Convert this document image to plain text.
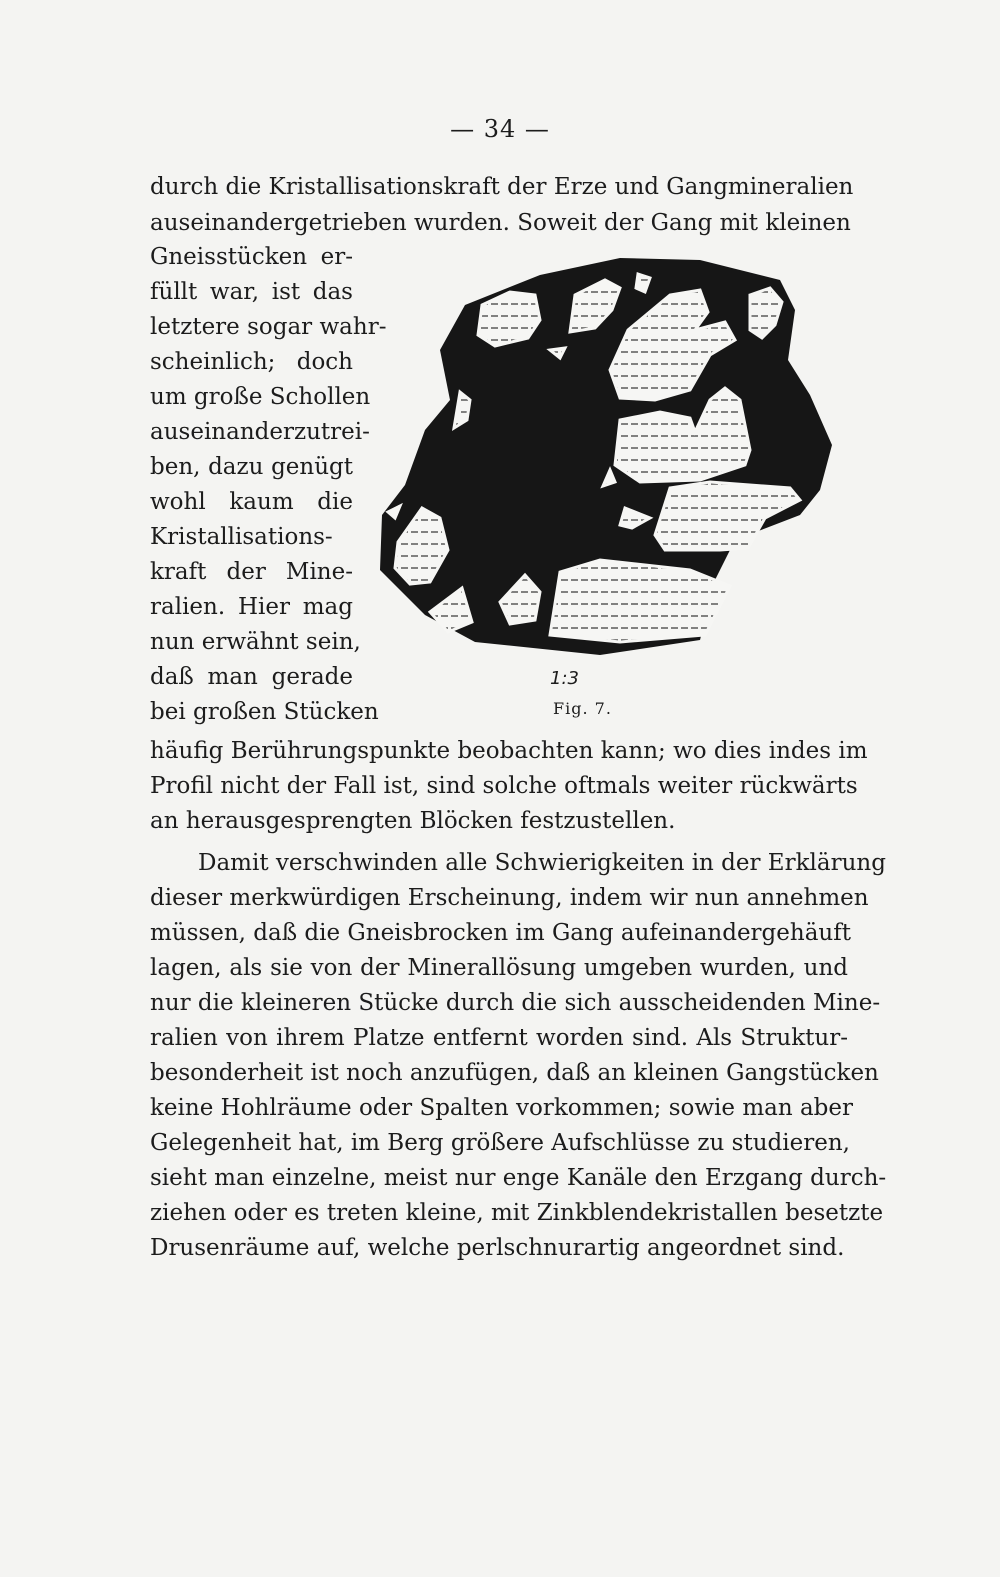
— 34 —
durch die Kristallisationskraft der Erze und Gangmineralien
auseinandergetrieben wurden. Soweit der Gang mit kleinen
Gneisstücken er-
füllt war, ist das
letztere sogar wahr-
scheinlich; doch
um große Schollen
auseinanderzutrei-
ben, dazu genügt
wohl kaum die
Kristallisations-
kraft der Mine-
ralien. Hier mag
nun erwähnt sein,
daß man gerade
bei großen Stücken
1:3
Fig. 7.
häufig Berührungspunkte beobachten kann; wo dies indes im
Profil nicht der Fall ist, sind solche oftmals weiter rückwärts
an herausgesprengten Blöcken festzustellen.
Damit verschwinden alle Schwierigkeiten in der Erklärung
dieser merkwürdigen Erscheinung, indem wir nun annehmen
müssen, daß die Gneisbrocken im Gang aufeinandergehäuft
lagen, als sie von der Minerallösung umgeben wurden, und
nur die kleineren Stücke durch die sich ausscheidenden Mine-
ralien von ihrem Platze entfernt worden sind. Als Struktur-
besonderheit ist noch anzufügen, daß an kleinen Gangstücken
keine Hohlräume oder Spalten vorkommen; sowie man aber
Gelegenheit hat, im Berg größere Aufschlüsse zu studieren,
sieht man einzelne, meist nur enge Kanäle den Erzgang durch-
ziehen oder es treten kleine, mit Zinkblendekristallen besetzte
Drusenräume auf, welche perlschnurartig angeordnet sind.
